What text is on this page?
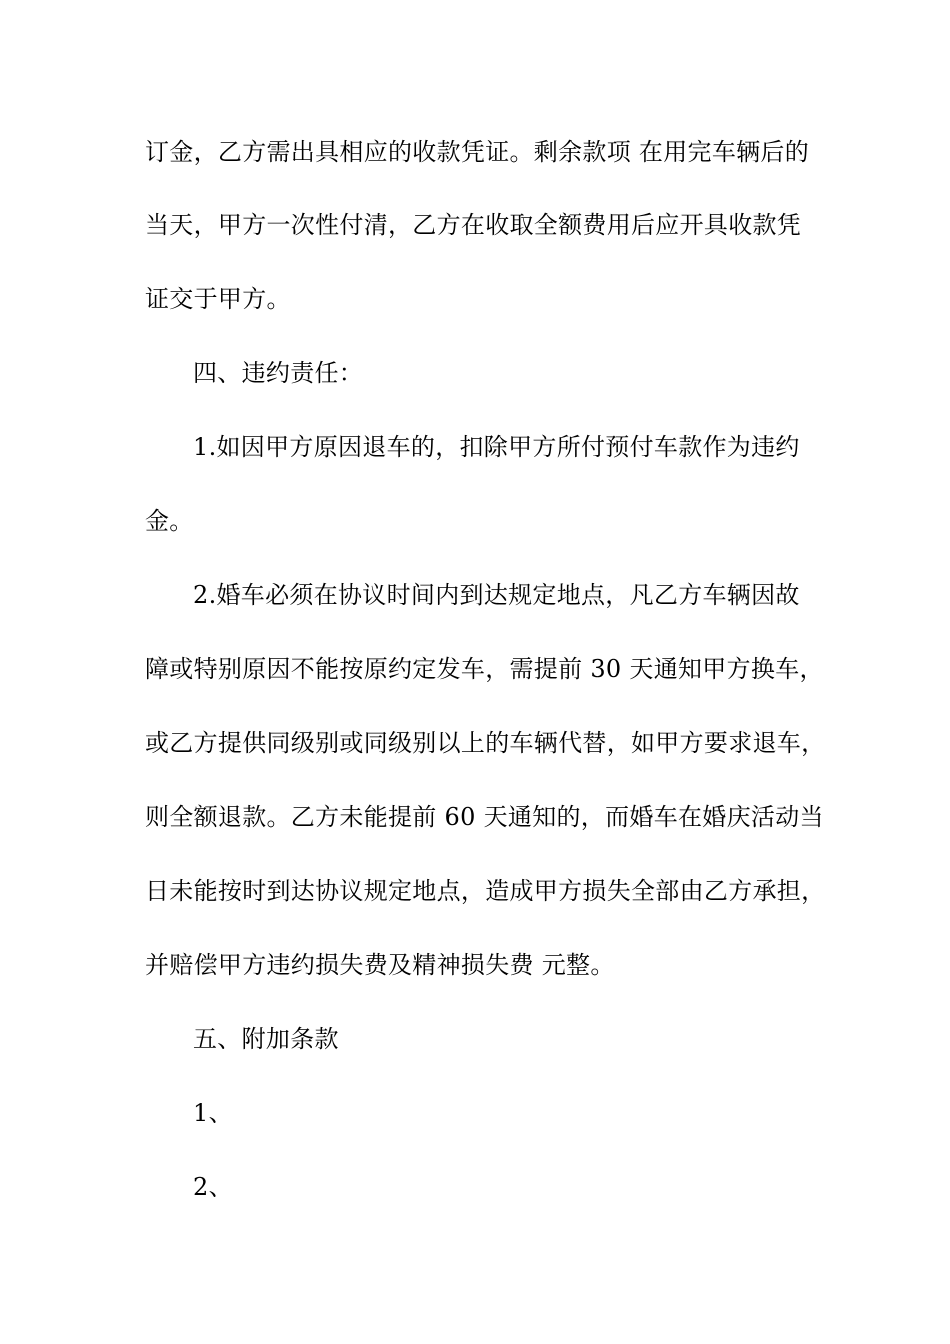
订金，乙方需出具相应的收款凭证。剩余款项 在用完车辆后的
当天，甲方一次性付清，乙方在收取全额费用后应开具收款凭
证交于甲方。
四、违约责任：
1.如因甲方原因退车的，扣除甲方所付预付车款作为违约
金。
2.婚车必须在协议时间内到达规定地点，凡乙方车辆因故
障或特别原因不能按原约定发车，需提前 30 天通知甲方换车，
或乙方提供同级别或同级别以上的车辆代替，如甲方要求退车，
则全额退款。乙方未能提前 60 天通知的，而婚车在婚庆活动当
日未能按时到达协议规定地点，造成甲方损失全部由乙方承担，
并赔偿甲方违约损失费及精神损失费 元整。
五、附加条款
1、
2、
